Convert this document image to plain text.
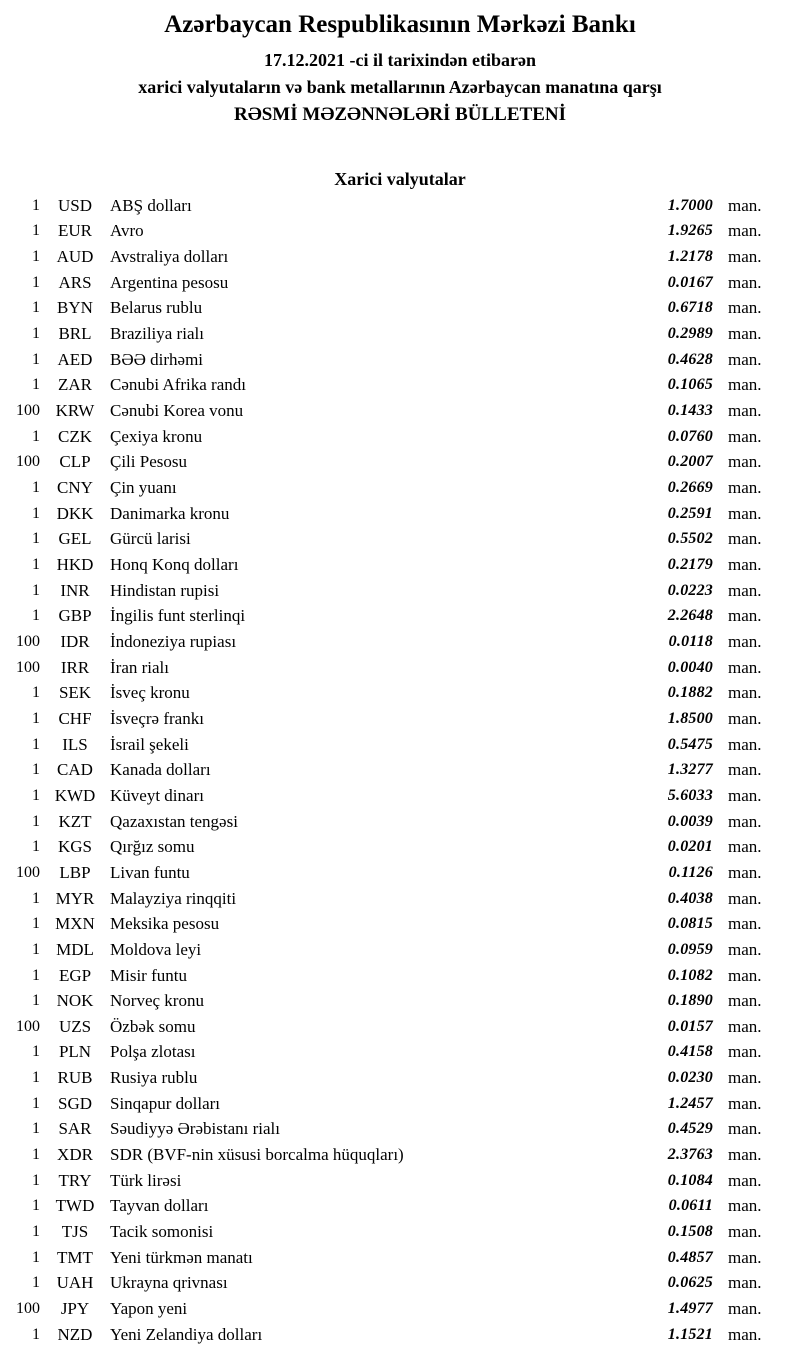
Azərbaycan Respublikasının Mərkəzi Bankı

17.12.2021 -ci il tarixindən etibarən

xarici valyutaların və bank metallarının Azərbaycan manatına qarşı

RƏSMİ MƏZƏNNƏLƏRİ BÜLLETENİ

Xarici valyutalar
1	USD	ABŞ dolları	1.7000 man.
1	EUR	Avro	1.9265 man.
1 AUD Avstraliya dolları	1.2178 man.
1	ARS	Argentina pesosu	0.0167 man.
1	BYN	Belarus rublu	0.6718 man.
1	BRL	Braziliya rialı	0.2989 man.
1	AED	BƏƏ dirhəmi	0.4628 man.
1	ZAR	Cənubi Afrika randı	0.1065 man.
100 KRW Cənubi Korea vonu	0.1433 man.
1	CZK	Çexiya kronu	0.0760 man.
100	CLP	Çili Pesosu	0.2007 man.
1	CNY	Çin yuanı	0.2669 man.
1 DKK Danimarka kronu	0.2591 man.
1	GEL	Gürcü larisi	0.5502 man.
1 HKD Honq Konq dolları	0.2179 man.
1	INR	Hindistan rupisi	0.0223 man.
1	GBP	İngilis funt sterlinqi	2.2648 man.
100	IDR	İndoneziya rupiası	0.0118 man.
100	IRR	İran rialı	0.0040 man.
1	SEK	İsveç kronu	0.1882 man.
1	CHF	İsveçrə frankı	1.8500 man.
1	ILS	İsrail şekeli	0.5475 man.
1	CAD	Kanada dolları	1.3277 man.
1 KWD Küveyt dinarı	5.6033 man.
1	KZT	Qazaxıstan tengəsi	0.0039 man.
1	KGS	Qırğız somu	0.0201 man.
100	LBP	Livan funtu	0.1126 man.
1 MYR Malayziya rinqqiti	0.4038 man.
1 MXN Meksika pesosu	0.0815 man.
1 MDL Moldova leyi	0.0959 man.
1	EGP	Misir funtu	0.1082 man.
1 NOK Norveç kronu	0.1890 man.
100	UZS	Özbək somu	0.0157 man.
1	PLN	Polşa zlotası	0.4158 man.
1	RUB	Rusiya rublu	0.0230 man.
1	SGD	Sinqapur dolları	1.2457 man.
1	SAR	Səudiyyə Ərəbistanı rialı	0.4529 man.
1	XDR	SDR (BVF-nin xüsusi borcalma hüquqları)	2.3763 man.
1	TRY	Türk lirəsi	0.1084 man.
1 TWD Tayvan dolları	0.0611 man.
1	TJS	Tacik somonisi	0.1508 man.
1	TMT	Yeni türkmən manatı	0.4857 man.
1 UAH Ukrayna qrivnası	0.0625 man.
100	JPY	Yapon yeni	1.4977 man.
1	NZD	Yeni Zelandiya dolları	1.1521 man.
